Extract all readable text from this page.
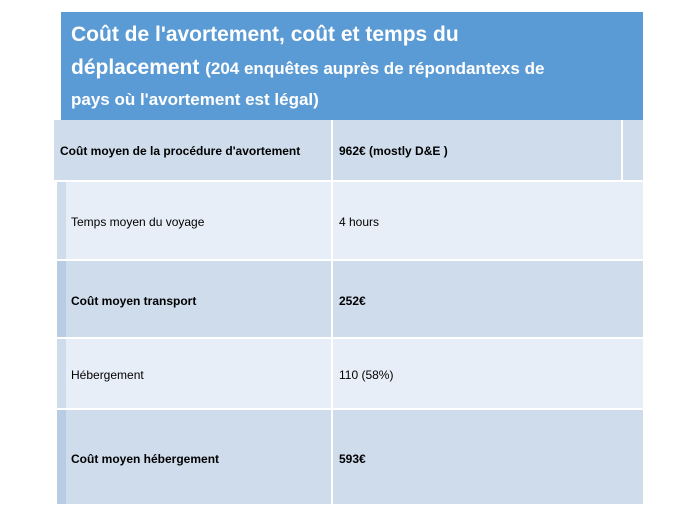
Coût de l'avortement, coût et temps du
déplacement (204 enquêtes auprès de répondantexs de
pays où l'avortement est légal)
Coût moyen de la procédure d'avortement	962€ (mostly D&E )
Temps moyen du voyage	4 hours
Coût moyen transport	252€
Hébergement	110 (58%)
Coût moyen hébergement	593€
